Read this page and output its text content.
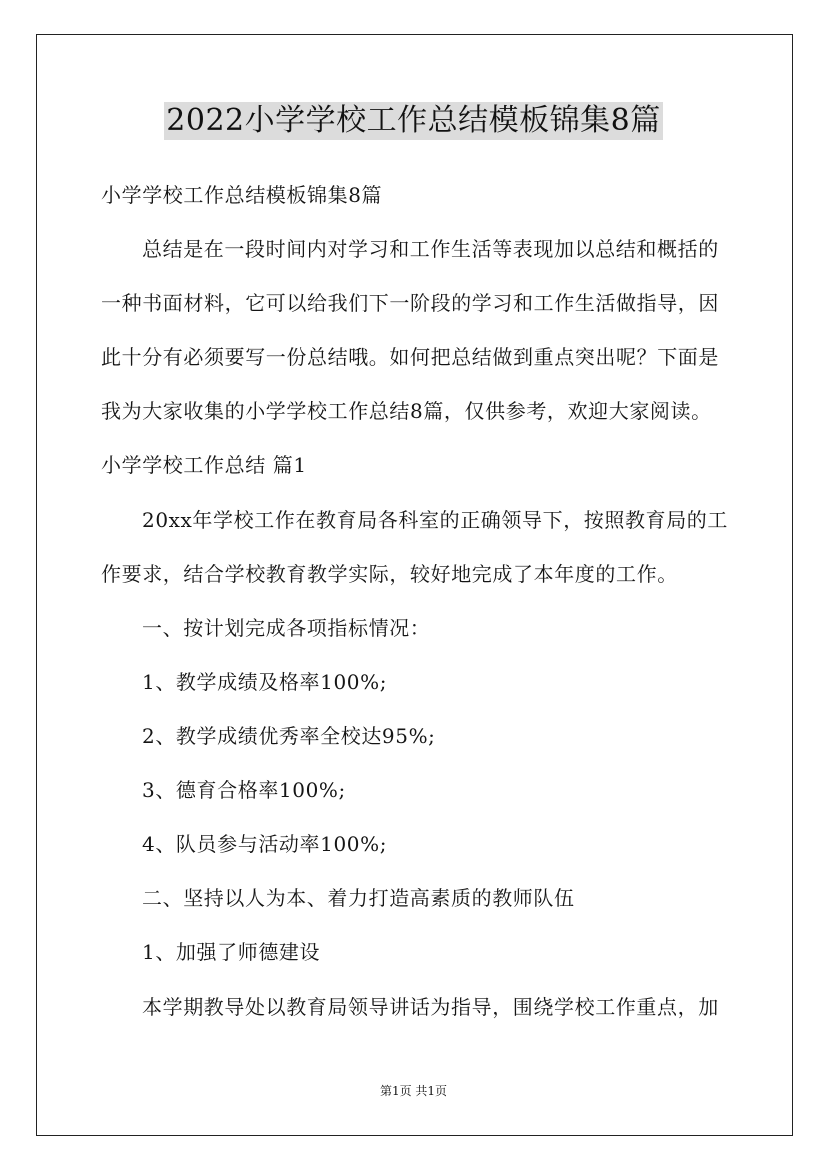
2022小学学校工作总结模板锦集8篇
小学学校工作总结模板锦集8篇
总结是在一段时间内对学习和工作生活等表现加以总结和概括的
一种书面材料，它可以给我们下一阶段的学习和工作生活做指导，因
此十分有必须要写一份总结哦。如何把总结做到重点突出呢？下面是
我为大家收集的小学学校工作总结8篇，仅供参考，欢迎大家阅读。
小学学校工作总结 篇1
20xx年学校工作在教育局各科室的正确领导下，按照教育局的工
作要求，结合学校教育教学实际，较好地完成了本年度的工作。
一、按计划完成各项指标情况：
1、教学成绩及格率100%;
2、教学成绩优秀率全校达95%;
3、德育合格率100%;
4、队员参与活动率100%;
二、坚持以人为本、着力打造高素质的教师队伍
1、加强了师德建设
本学期教导处以教育局领导讲话为指导，围绕学校工作重点，加
第1页 共1页
